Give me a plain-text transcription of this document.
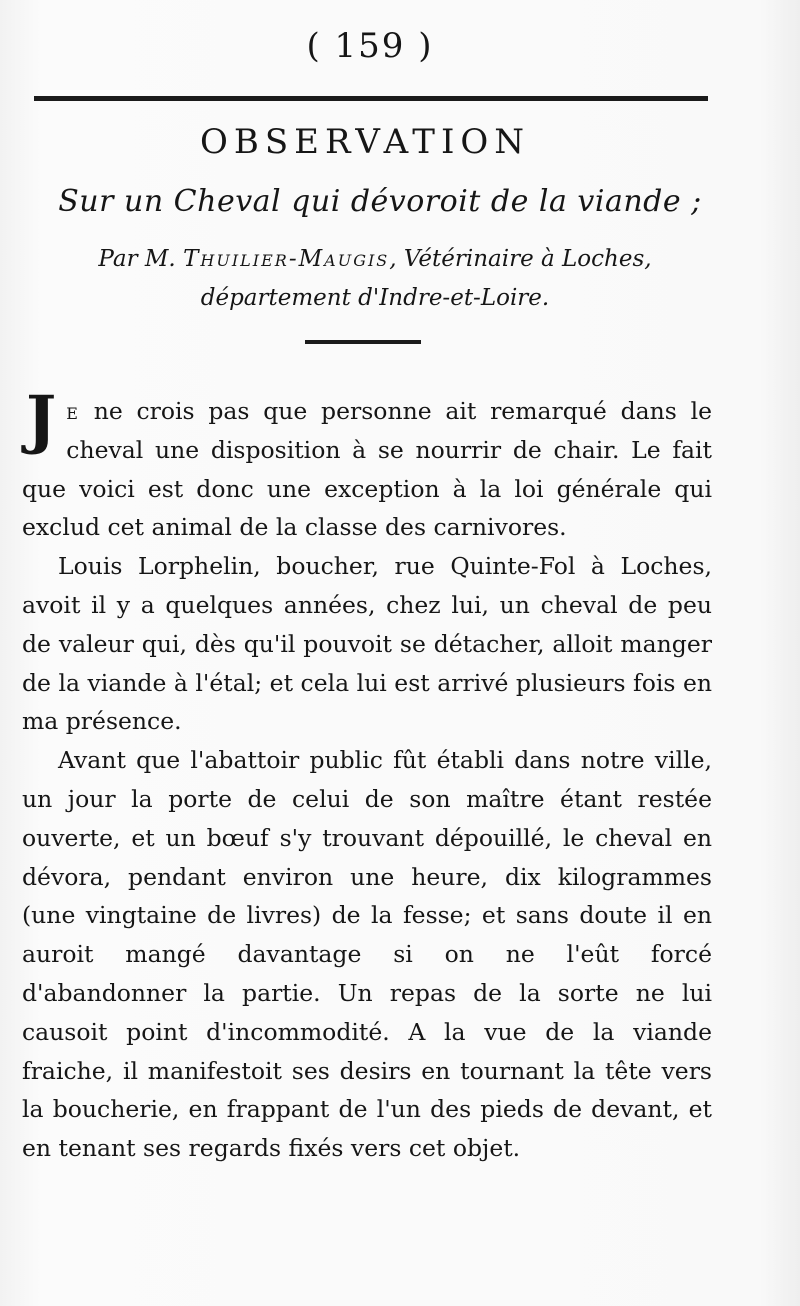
( 159 )
OBSERVATION
Sur un Cheval qui dévoroit de la viande ;
Par M. Thuilier-Maugis, Vétérinaire à Loches,
département d'Indre-et-Loire.

Je ne crois pas que personne ait remarqué dans le cheval une disposition à se nourrir de chair. Le fait que voici est donc une exception à la loi générale qui exclud cet animal de la classe des carnivores.

Louis Lorphelin, boucher, rue Quinte-Fol à Loches, avoit il y a quelques années, chez lui, un cheval de peu de valeur qui, dès qu'il pouvoit se détacher, alloit manger de la viande à l'étal; et cela lui est arrivé plusieurs fois en ma présence.

Avant que l'abattoir public fût établi dans notre ville, un jour la porte de celui de son maître étant restée ouverte, et un bœuf s'y trouvant dépouillé, le cheval en dévora, pendant environ une heure, dix kilogrammes (une vingtaine de livres) de la fesse; et sans doute il en auroit mangé davantage si on ne l'eût forcé d'abandonner la partie. Un repas de la sorte ne lui causoit point d'incommodité. A la vue de la viande fraiche, il manifestoit ses desirs en tournant la tête vers la boucherie, en frappant de l'un des pieds de devant, et en tenant ses regards fixés vers cet objet.
